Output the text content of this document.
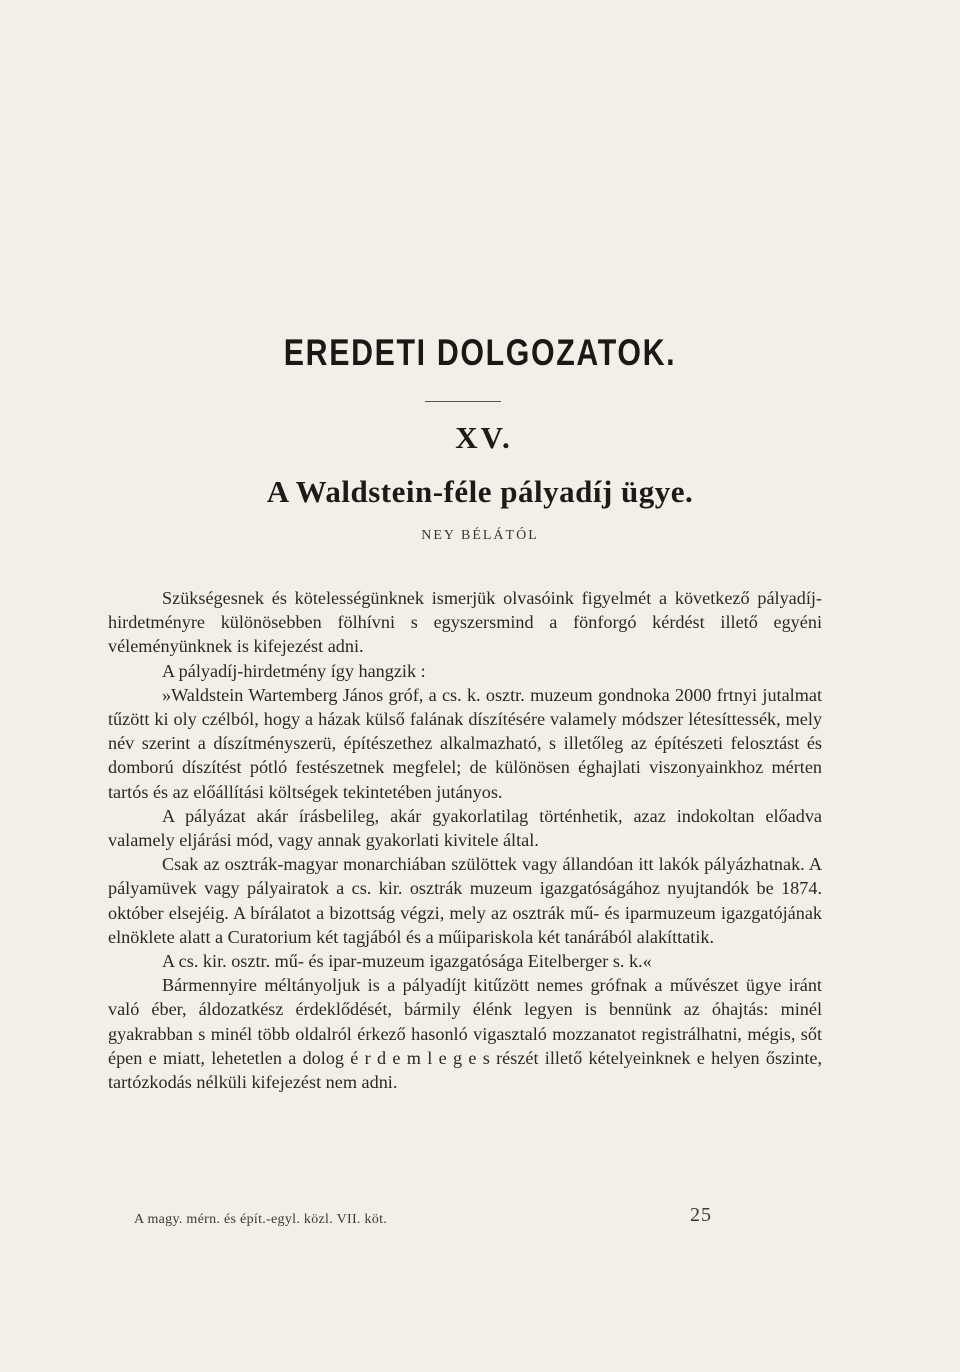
EREDETI DOLGOZATOK.
XV.
A Waldstein-féle pályadíj ügye.
NEY BÉLÁTÓL

Szükségesnek és kötelességünknek ismerjük olvasóink figyelmét a következő pályadíj-hirdetményre különösebben fölhívni s egyszersmind a fönforgó kérdést illető egyéni véleményünknek is kifejezést adni.

A pályadíj-hirdetmény így hangzik :

»Waldstein Wartemberg János gróf, a cs. k. osztr. muzeum gondnoka 2000 frtnyi jutalmat tűzött ki oly czélból, hogy a házak külső falának díszítésére valamely módszer létesíttessék, mely név szerint a díszítményszerü, építészethez alkalmazható, s illetőleg az építészeti felosztást és domború díszítést pótló festészetnek megfelel; de különösen éghajlati viszonyainkhoz mérten tartós és az előállítási költségek tekintetében jutányos.

A pályázat akár írásbelileg, akár gyakorlatilag történhetik, azaz indokoltan előadva valamely eljárási mód, vagy annak gyakorlati kivitele által.

Csak az osztrák-magyar monarchiában szülöttek vagy állandóan itt lakók pályázhatnak. A pályamüvek vagy pályairatok a cs. kir. osztrák muzeum igazgatóságához nyujtandók be 1874. október elsejéig. A bírálatot a bizottság végzi, mely az osztrák mű- és iparmuzeum igazgatójának elnöklete alatt a Curatorium két tagjából és a műipariskola két tanárából alakíttatik.

A cs. kir. osztr. mű- és ipar-muzeum igazgatósága Eitelberger s. k.«

Bármennyire méltányoljuk is a pályadíjt kitűzött nemes grófnak a művészet ügye iránt való éber, áldozatkész érdeklődését, bármily élénk legyen is bennünk az óhajtás: minél gyakrabban s minél több oldalról érkező hasonló vigasztaló mozzanatot registrálhatni, mégis, sőt épen e miatt, lehetetlen a dolog é r d e m l e g e s részét illető kételyeinknek e helyen őszinte, tartózkodás nélküli kifejezést nem adni.

A magy. mérn. és épít.-egyl. közl. VII. köt.	25
